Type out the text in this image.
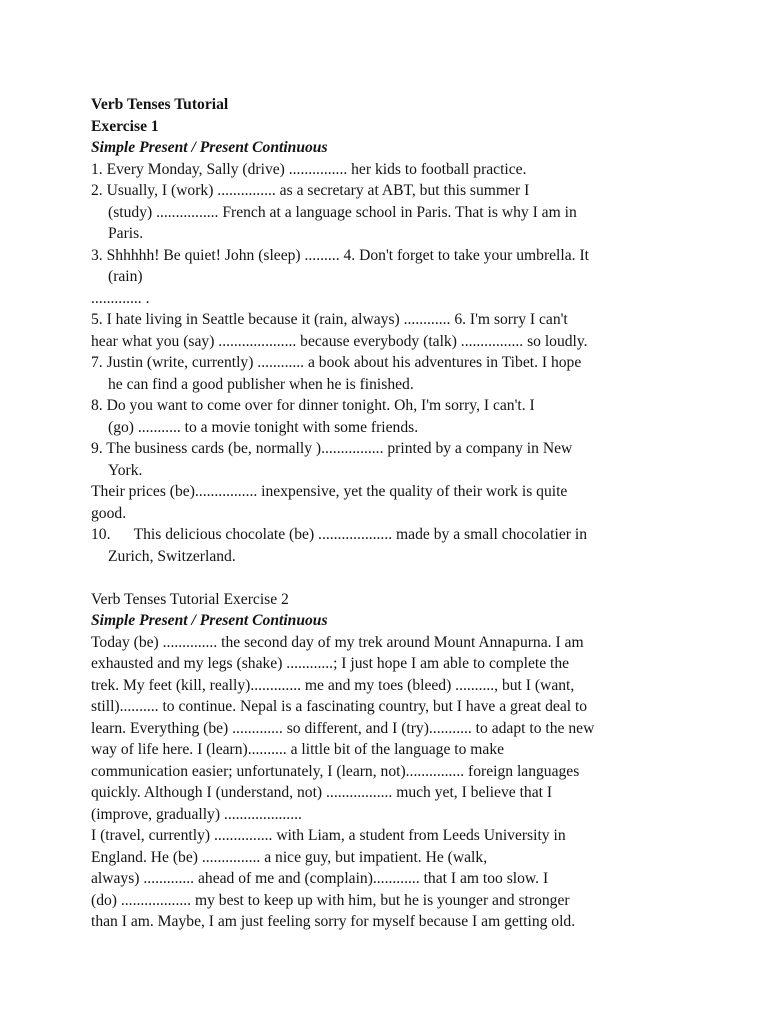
Verb Tenses Tutorial
Exercise 1
Simple Present / Present Continuous
1. Every Monday, Sally (drive) ............... her kids to football practice.
2. Usually, I (work) ............... as a secretary at ABT, but this summer I
(study) ................ French at a language school in Paris. That is why I am in
Paris.
3. Shhhhh! Be quiet! John (sleep) ......... 4. Don't forget to take your umbrella. It
(rain)
............. .
5. I hate living in Seattle because it (rain, always) ............ 6. I'm sorry I can't
hear what you (say) .................... because everybody (talk) ................ so loudly.
7. Justin (write, currently) ............ a book about his adventures in Tibet. I hope
he can find a good publisher when he is finished.
8. Do you want to come over for dinner tonight. Oh, I'm sorry, I can't. I
(go) ........... to a movie tonight with some friends.
9. The business cards (be, normally )................ printed by a company in New
York.
Their prices (be)................ inexpensive, yet the quality of their work is quite
good.
10.      This delicious chocolate (be) ................... made by a small chocolatier in
Zurich, Switzerland.
Verb Tenses Tutorial Exercise 2
Simple Present / Present Continuous
Today (be) .............. the second day of my trek around Mount Annapurna. I am
exhausted and my legs (shake) ............; I just hope I am able to complete the
trek. My feet (kill, really)............. me and my toes (bleed) .........., but I (want,
still).......... to continue. Nepal is a fascinating country, but I have a great deal to
learn. Everything (be) ............. so different, and I (try)........... to adapt to the new
way of life here. I (learn).......... a little bit of the language to make
communication easier; unfortunately, I (learn, not)............... foreign languages
quickly. Although I (understand, not) ................. much yet, I believe that I
(improve, gradually) ....................
I (travel, currently) ............... with Liam, a student from Leeds University in
England. He (be) ............... a nice guy, but impatient. He (walk,
always) ............. ahead of me and (complain)............ that I am too slow. I
(do) .................. my best to keep up with him, but he is younger and stronger
than I am. Maybe, I am just feeling sorry for myself because I am getting old.
